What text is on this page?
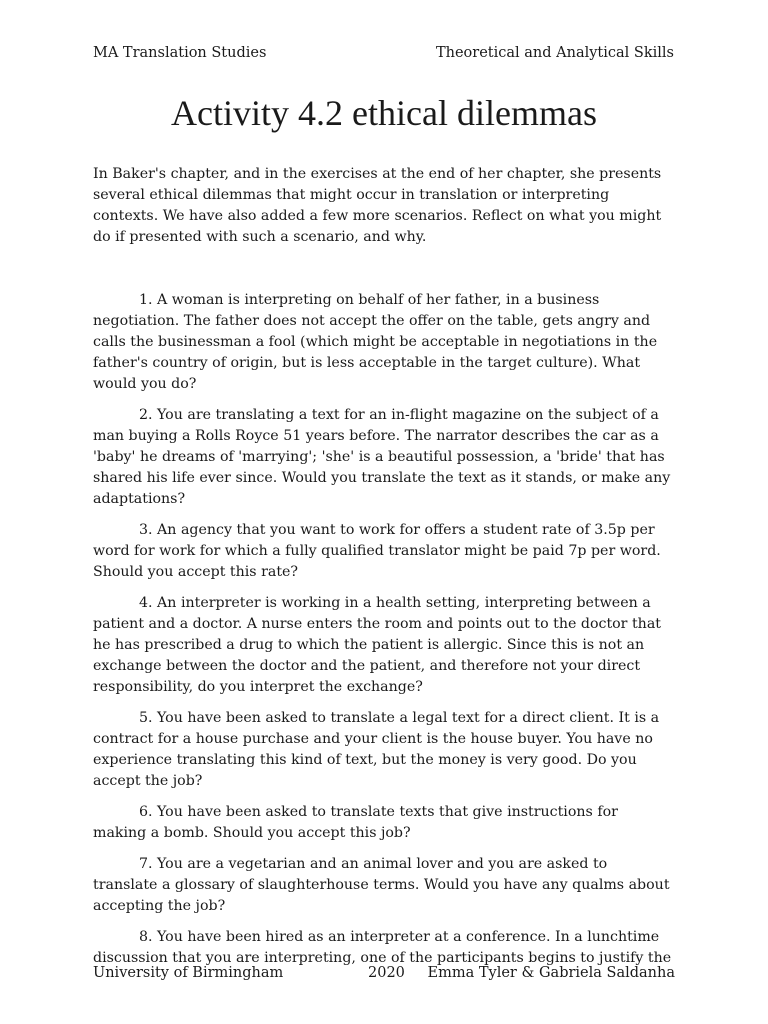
MA Translation Studies	Theoretical and Analytical Skills
Activity 4.2 ethical dilemmas

In Baker's chapter, and in the exercises at the end of her chapter, she presents several ethical dilemmas that might occur in translation or interpreting contexts. We have also added a few more scenarios. Reflect on what you might do if presented with such a scenario, and why.

1. A woman is interpreting on behalf of her father, in a business negotiation. The father does not accept the offer on the table, gets angry and calls the businessman a fool (which might be acceptable in negotiations in the father's country of origin, but is less acceptable in the target culture). What would you do?
2. You are translating a text for an in-flight magazine on the subject of a man buying a Rolls Royce 51 years before. The narrator describes the car as a 'baby' he dreams of 'marrying'; 'she' is a beautiful possession, a 'bride' that has shared his life ever since. Would you translate the text as it stands, or make any adaptations?
3. An agency that you want to work for offers a student rate of 3.5p per word for work for which a fully qualified translator might be paid 7p per word. Should you accept this rate?
4. An interpreter is working in a health setting, interpreting between a patient and a doctor. A nurse enters the room and points out to the doctor that he has prescribed a drug to which the patient is allergic. Since this is not an exchange between the doctor and the patient, and therefore not your direct responsibility, do you interpret the exchange?
5. You have been asked to translate a legal text for a direct client. It is a contract for a house purchase and your client is the house buyer. You have no experience translating this kind of text, but the money is very good. Do you accept the job?
6. You have been asked to translate texts that give instructions for making a bomb. Should you accept this job?
7. You are a vegetarian and an animal lover and you are asked to translate a glossary of slaughterhouse terms. Would you have any qualms about accepting the job?
8. You have been hired as an interpreter at a conference. In a lunchtime discussion that you are interpreting, one of the participants begins to justify the
University of Birmingham	2020 Emma Tyler & Gabriela Saldanha
